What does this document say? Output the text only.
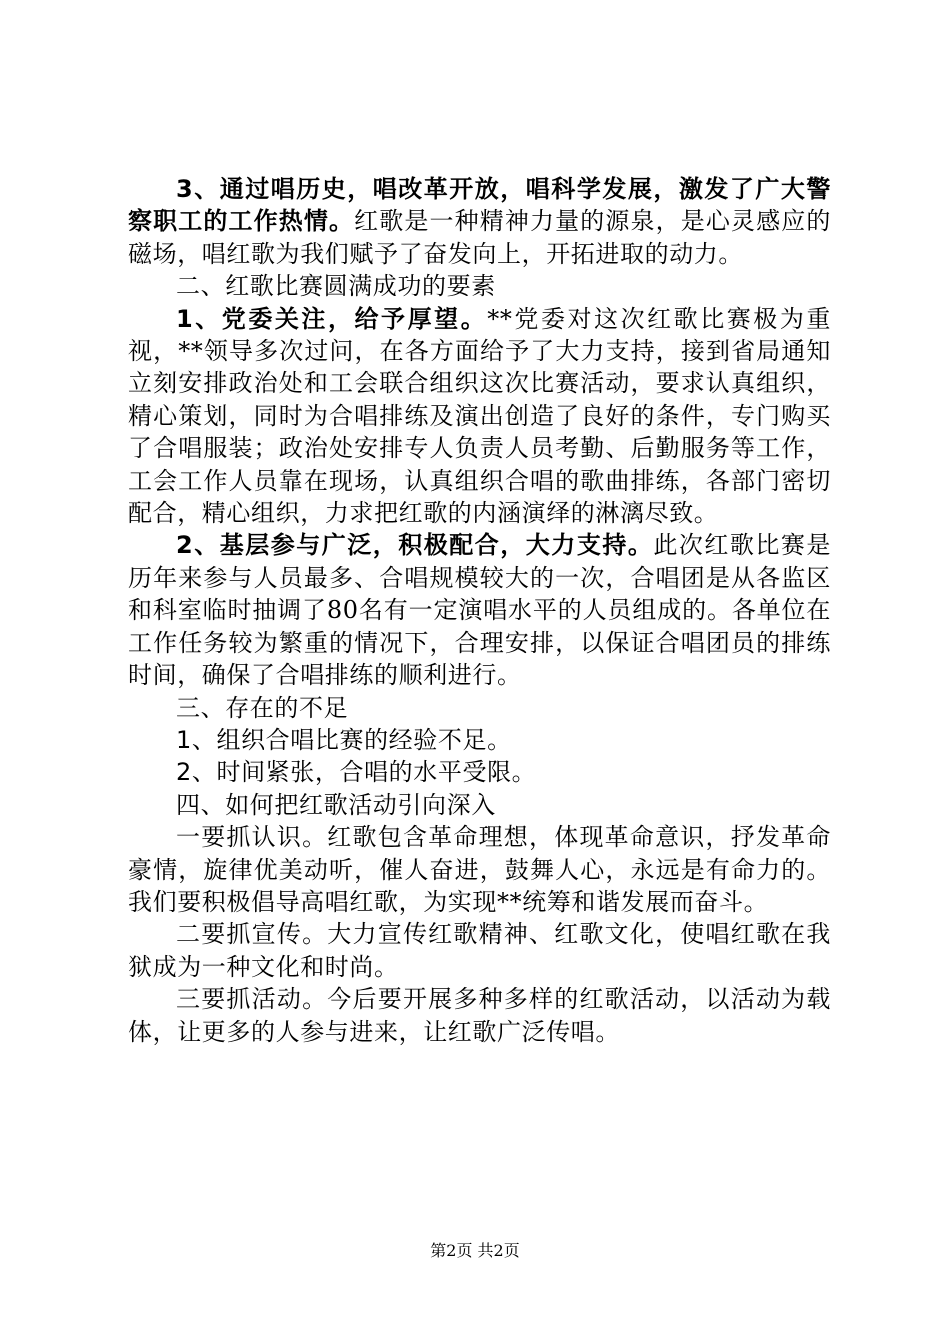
3、通过唱历史，唱改革开放，唱科学发展，激发了广大警察职工的工作热情。红歌是一种精神力量的源泉，是心灵感应的磁场，唱红歌为我们赋予了奋发向上，开拓进取的动力。

二、红歌比赛圆满成功的要素

1、党委关注，给予厚望。**党委对这次红歌比赛极为重视，**领导多次过问，在各方面给予了大力支持，接到省局通知立刻安排政治处和工会联合组织这次比赛活动，要求认真组织，精心策划，同时为合唱排练及演出创造了良好的条件，专门购买了合唱服装；政治处安排专人负责人员考勤、后勤服务等工作，工会工作人员靠在现场，认真组织合唱的歌曲排练，各部门密切配合，精心组织，力求把红歌的内涵演绎的淋漓尽致。

2、基层参与广泛，积极配合，大力支持。此次红歌比赛是历年来参与人员最多、合唱规模较大的一次，合唱团是从各监区和科室临时抽调了80名有一定演唱水平的人员组成的。各单位在工作任务较为繁重的情况下，合理安排，以保证合唱团员的排练时间，确保了合唱排练的顺利进行。

三、存在的不足

1、组织合唱比赛的经验不足。

2、时间紧张，合唱的水平受限。

四、如何把红歌活动引向深入

一要抓认识。红歌包含革命理想，体现革命意识，抒发革命豪情，旋律优美动听，催人奋进，鼓舞人心，永远是有命力的。我们要积极倡导高唱红歌，为实现**统筹和谐发展而奋斗。

二要抓宣传。大力宣传红歌精神、红歌文化，使唱红歌在我狱成为一种文化和时尚。

三要抓活动。今后要开展多种多样的红歌活动，以活动为载体，让更多的人参与进来，让红歌广泛传唱。

第2页 共2页
